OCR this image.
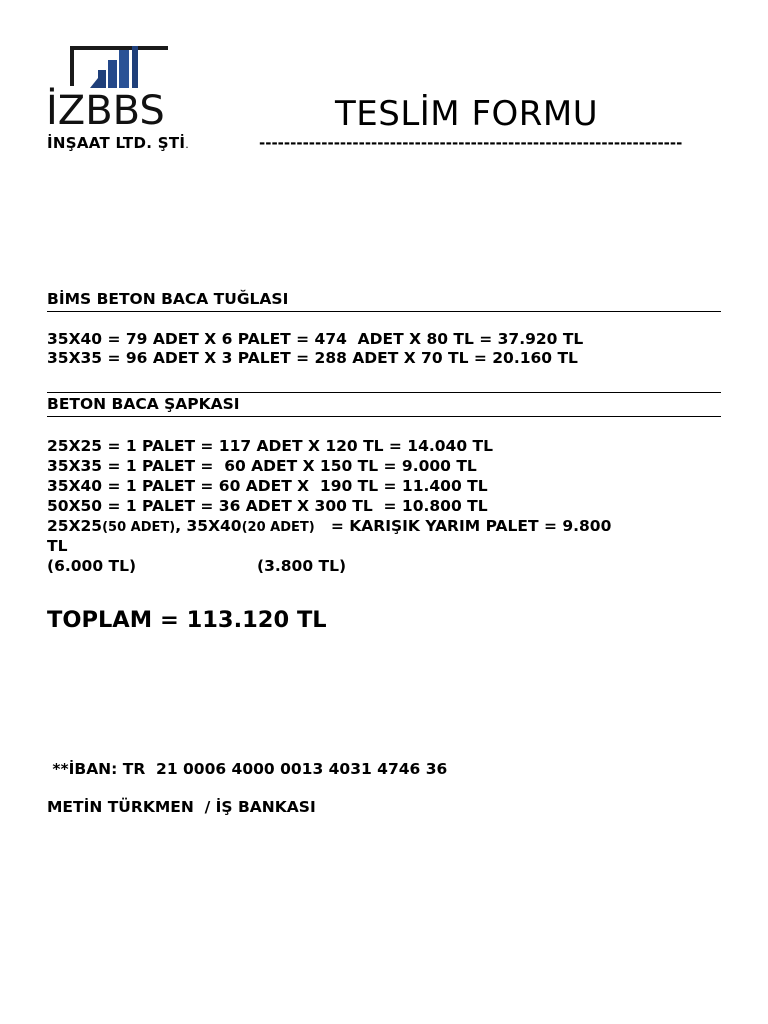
İZBBS
İNŞAAT LTD. ŞTİ.
TESLİM FORMU
--------------------------------------------------------------------
BİMS BETON BACA TUĞLASI
35X40 = 79 ADET X 6 PALET = 474  ADET X 80 TL = 37.920 TL
35X35 = 96 ADET X 3 PALET = 288 ADET X 70 TL = 20.160 TL
BETON BACA ŞAPKASI
25X25 = 1 PALET = 117 ADET X 120 TL = 14.040 TL
35X35 = 1 PALET =  60 ADET X 150 TL = 9.000 TL
35X40 = 1 PALET = 60 ADET X  190 TL = 11.400 TL
50X50 = 1 PALET = 36 ADET X 300 TL  = 10.800 TL
25X25(50 ADET), 35X40(20 ADET)   = KARIŞIK YARIM PALET = 9.800
TL
(6.000 TL)	(3.800 TL)
TOPLAM = 113.120 TL
**İBAN: TR  21 0006 4000 0013 4031 4746 36
METİN TÜRKMEN  / İŞ BANKASI
